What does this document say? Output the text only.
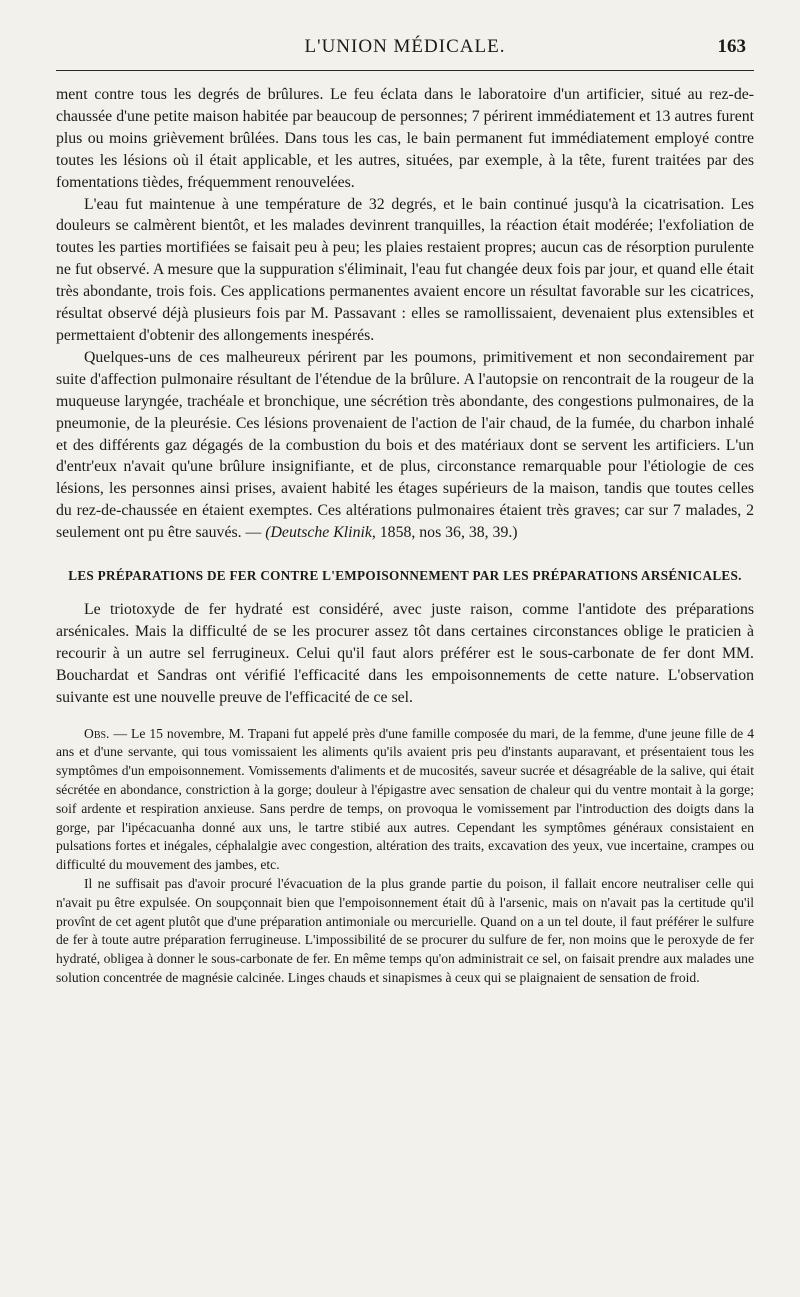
L'UNION MÉDICALE.	163

ment contre tous les degrés de brûlures. Le feu éclata dans le laboratoire d'un artificier, situé au rez-de-chaussée d'une petite maison habitée par beaucoup de personnes; 7 périrent immédiatement et 13 autres furent plus ou moins grièvement brûlées. Dans tous les cas, le bain permanent fut immédiatement employé contre toutes les lésions où il était applicable, et les autres, situées, par exemple, à la tête, furent traitées par des fomentations tièdes, fréquemment renouvelées.

L'eau fut maintenue à une température de 32 degrés, et le bain continué jusqu'à la cicatrisation. Les douleurs se calmèrent bientôt, et les malades devinrent tranquilles, la réaction était modérée; l'exfoliation de toutes les parties mortifiées se faisait peu à peu; les plaies restaient propres; aucun cas de résorption purulente ne fut observé. A mesure que la suppuration s'éliminait, l'eau fut changée deux fois par jour, et quand elle était très abondante, trois fois. Ces applications permanentes avaient encore un résultat favorable sur les cicatrices, résultat observé déjà plusieurs fois par M. Passavant : elles se ramollissaient, devenaient plus extensibles et permettaient d'obtenir des allongements inespérés.

Quelques-uns de ces malheureux périrent par les poumons, primitivement et non secondairement par suite d'affection pulmonaire résultant de l'étendue de la brûlure. A l'autopsie on rencontrait de la rougeur de la muqueuse laryngée, trachéale et bronchique, une sécrétion très abondante, des congestions pulmonaires, de la pneumonie, de la pleurésie. Ces lésions provenaient de l'action de l'air chaud, de la fumée, du charbon inhalé et des différents gaz dégagés de la combustion du bois et des matériaux dont se servent les artificiers. L'un d'entr'eux n'avait qu'une brûlure insignifiante, et de plus, circonstance remarquable pour l'étiologie de ces lésions, les personnes ainsi prises, avaient habité les étages supérieurs de la maison, tandis que toutes celles du rez-de-chaussée en étaient exemptes. Ces altérations pulmonaires étaient très graves; car sur 7 malades, 2 seulement ont pu être sauvés. — (Deutsche Klinik, 1858, nos 36, 38, 39.)

LES PRÉPARATIONS DE FER CONTRE L'EMPOISONNEMENT PAR LES PRÉPARATIONS ARSÉNICALES.

Le triotoxyde de fer hydraté est considéré, avec juste raison, comme l'antidote des préparations arsénicales. Mais la difficulté de se les procurer assez tôt dans certaines circonstances oblige le praticien à recourir à un autre sel ferrugineux. Celui qu'il faut alors préférer est le sous-carbonate de fer dont MM. Bouchardat et Sandras ont vérifié l'efficacité dans les empoisonnements de cette nature. L'observation suivante est une nouvelle preuve de l'efficacité de ce sel.

Obs. — Le 15 novembre, M. Trapani fut appelé près d'une famille composée du mari, de la femme, d'une jeune fille de 4 ans et d'une servante, qui tous vomissaient les aliments qu'ils avaient pris peu d'instants auparavant, et présentaient tous les symptômes d'un empoisonnement. Vomissements d'aliments et de mucosités, saveur sucrée et désagréable de la salive, qui était sécrétée en abondance, constriction à la gorge; douleur à l'épigastre avec sensation de chaleur qui du ventre montait à la gorge; soif ardente et respiration anxieuse. Sans perdre de temps, on provoqua le vomissement par l'introduction des doigts dans la gorge, par l'ipécacuanha donné aux uns, le tartre stibié aux autres. Cependant les symptômes généraux consistaient en pulsations fortes et inégales, céphalalgie avec congestion, altération des traits, excavation des yeux, vue incertaine, crampes ou difficulté du mouvement des jambes, etc.

Il ne suffisait pas d'avoir procuré l'évacuation de la plus grande partie du poison, il fallait encore neutraliser celle qui n'avait pu être expulsée. On soupçonnait bien que l'empoisonnement était dû à l'arsenic, mais on n'avait pas la certitude qu'il provînt de cet agent plutôt que d'une préparation antimoniale ou mercurielle. Quand on a un tel doute, il faut préférer le sulfure de fer à toute autre préparation ferrugineuse. L'impossibilité de se procurer du sulfure de fer, non moins que le peroxyde de fer hydraté, obligea à donner le sous-carbonate de fer. En même temps qu'on administrait ce sel, on faisait prendre aux malades une solution concentrée de magnésie calcinée. Linges chauds et sinapismes à ceux qui se plaignaient de sensation de froid.
